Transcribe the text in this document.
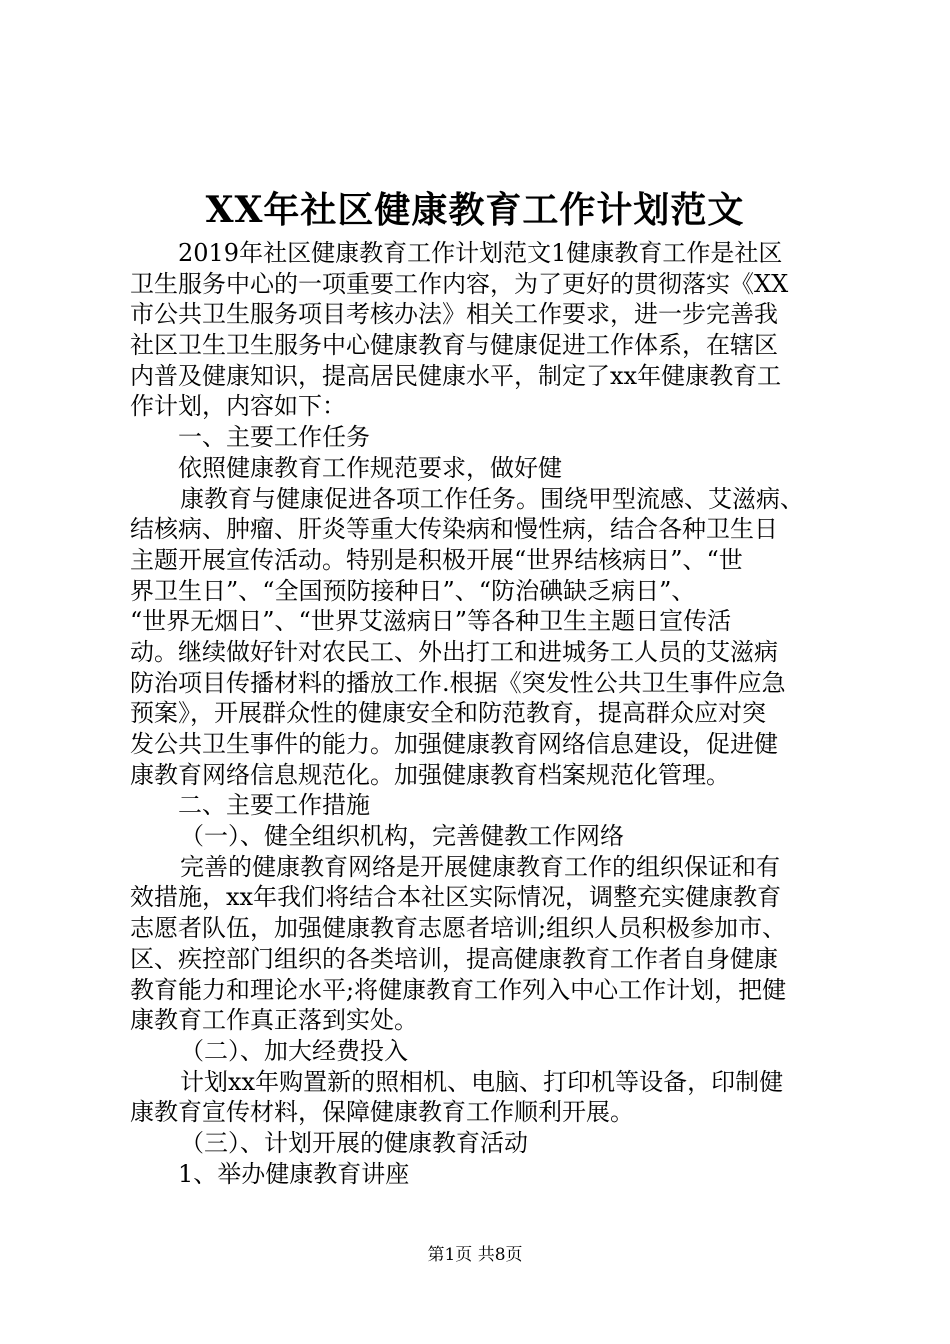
XX年社区健康教育工作计划范文
2019年社区健康教育工作计划范文1健康教育工作是社区
卫生服务中心的一项重要工作内容，为了更好的贯彻落实《XX
市公共卫生服务项目考核办法》相关工作要求，进一步完善我
社区卫生卫生服务中心健康教育与健康促进工作体系，在辖区
内普及健康知识，提高居民健康水平，制定了xx年健康教育工
作计划，内容如下：
一、主要工作任务
依照健康教育工作规范要求，做好健
康教育与健康促进各项工作任务。围绕甲型流感、艾滋病、
结核病、肿瘤、肝炎等重大传染病和慢性病，结合各种卫生日
主题开展宣传活动。特别是积极开展“世界结核病日”、“世
界卫生日”、“全国预防接种日”、“防治碘缺乏病日”、
“世界无烟日”、“世界艾滋病日”等各种卫生主题日宣传活
动。继续做好针对农民工、外出打工和进城务工人员的艾滋病
防治项目传播材料的播放工作.根据《突发性公共卫生事件应急
预案》，开展群众性的健康安全和防范教育，提高群众应对突
发公共卫生事件的能力。加强健康教育网络信息建设，促进健
康教育网络信息规范化。加强健康教育档案规范化管理。
二、主要工作措施
（一）、健全组织机构，完善健教工作网络
完善的健康教育网络是开展健康教育工作的组织保证和有
效措施，xx年我们将结合本社区实际情况，调整充实健康教育
志愿者队伍，加强健康教育志愿者培训;组织人员积极参加市、
区、疾控部门组织的各类培训，提高健康教育工作者自身健康
教育能力和理论水平;将健康教育工作列入中心工作计划，把健
康教育工作真正落到实处。
（二）、加大经费投入
计划xx年购置新的照相机、电脑、打印机等设备，印制健
康教育宣传材料，保障健康教育工作顺利开展。
（三）、计划开展的健康教育活动
1、举办健康教育讲座
第1页 共8页
